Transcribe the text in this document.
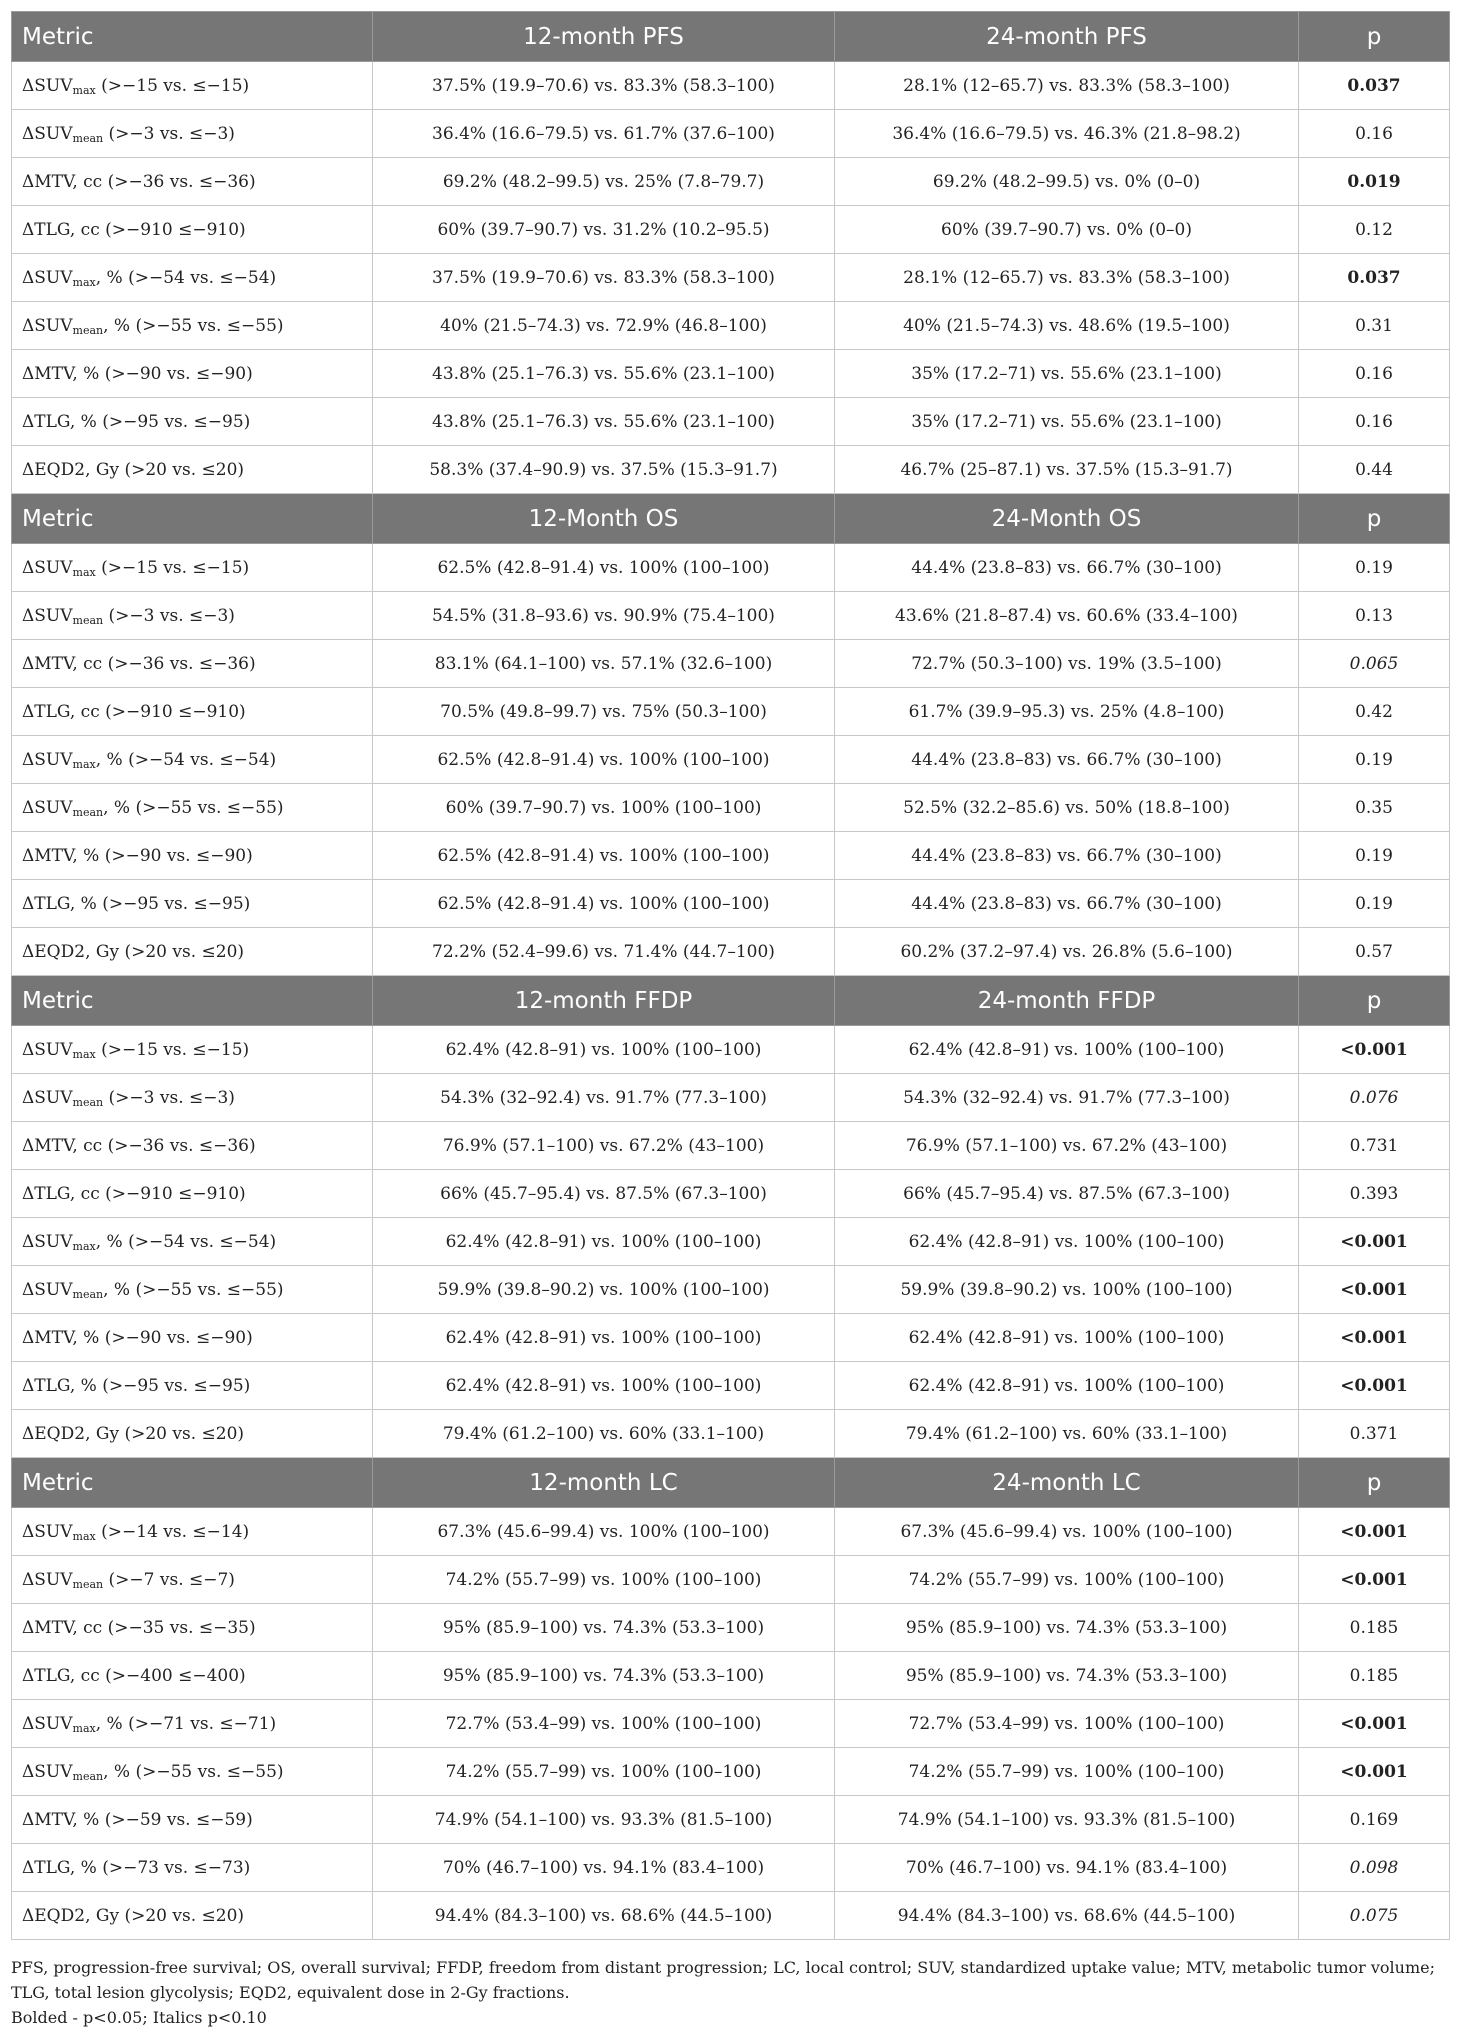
Metric	12-month PFS	24-month PFS	p
$\Delta SUV_{max}$ (>−15 vs. ≤−15)	37.5% (19.9–70.6) vs. 83.3% (58.3–100)	28.1% (12–65.7) vs. 83.3% (58.3–100)	0.037
$\Delta SUV_{mean}$ (>−3 vs. ≤−3)	36.4% (16.6–79.5) vs. 61.7% (37.6–100)	36.4% (16.6–79.5) vs. 46.3% (21.8–98.2)	0.16
ΔMTV, cc (>−36 vs. ≤−36)	69.2% (48.2–99.5) vs. 25% (7.8–79.7)	69.2% (48.2–99.5) vs. 0% (0–0)	0.019
ΔTLG, cc (>−910 ≤−910)	60% (39.7–90.7) vs. 31.2% (10.2–95.5)	60% (39.7–90.7) vs. 0% (0–0)	0.12
$\Delta SUV_{max}$, % (>−54 vs. ≤−54)	37.5% (19.9–70.6) vs. 83.3% (58.3–100)	28.1% (12–65.7) vs. 83.3% (58.3–100)	0.037
$\Delta SUV_{mean}$, % (>−55 vs. ≤−55)	40% (21.5–74.3) vs. 72.9% (46.8–100)	40% (21.5–74.3) vs. 48.6% (19.5–100)	0.31
ΔMTV, % (>−90 vs. ≤−90)	43.8% (25.1–76.3) vs. 55.6% (23.1–100)	35% (17.2–71) vs. 55.6% (23.1–100)	0.16
ΔTLG, % (>−95 vs. ≤−95)	43.8% (25.1–76.3) vs. 55.6% (23.1–100)	35% (17.2–71) vs. 55.6% (23.1–100)	0.16
ΔEQD2, Gy (>20 vs. ≤20)	58.3% (37.4–90.9) vs. 37.5% (15.3–91.7)	46.7% (25–87.1) vs. 37.5% (15.3–91.7)	0.44
Metric	12-Month OS	24-Month OS	p
$\Delta SUV_{max}$ (>−15 vs. ≤−15)	62.5% (42.8–91.4) vs. 100% (100–100)	44.4% (23.8–83) vs. 66.7% (30–100)	0.19
$\Delta SUV_{mean}$ (>−3 vs. ≤−3)	54.5% (31.8–93.6) vs. 90.9% (75.4–100)	43.6% (21.8–87.4) vs. 60.6% (33.4–100)	0.13
ΔMTV, cc (>−36 vs. ≤−36)	83.1% (64.1–100) vs. 57.1% (32.6–100)	72.7% (50.3–100) vs. 19% (3.5–100)	0.065
ΔTLG, cc (>−910 ≤−910)	70.5% (49.8–99.7) vs. 75% (50.3–100)	61.7% (39.9–95.3) vs. 25% (4.8–100)	0.42
$\Delta SUV_{max}$, % (>−54 vs. ≤−54)	62.5% (42.8–91.4) vs. 100% (100–100)	44.4% (23.8–83) vs. 66.7% (30–100)	0.19
$\Delta SUV_{mean}$, % (>−55 vs. ≤−55)	60% (39.7–90.7) vs. 100% (100–100)	52.5% (32.2–85.6) vs. 50% (18.8–100)	0.35
ΔMTV, % (>−90 vs. ≤−90)	62.5% (42.8–91.4) vs. 100% (100–100)	44.4% (23.8–83) vs. 66.7% (30–100)	0.19
ΔTLG, % (>−95 vs. ≤−95)	62.5% (42.8–91.4) vs. 100% (100–100)	44.4% (23.8–83) vs. 66.7% (30–100)	0.19
ΔEQD2, Gy (>20 vs. ≤20)	72.2% (52.4–99.6) vs. 71.4% (44.7–100)	60.2% (37.2–97.4) vs. 26.8% (5.6–100)	0.57
Metric	12-month FFDP	24-month FFDP	p
$\Delta SUV_{max}$ (>−15 vs. ≤−15)	62.4% (42.8–91) vs. 100% (100–100)	62.4% (42.8–91) vs. 100% (100–100)	<0.001
$\Delta SUV_{mean}$ (>−3 vs. ≤−3)	54.3% (32–92.4) vs. 91.7% (77.3–100)	54.3% (32–92.4) vs. 91.7% (77.3–100)	0.076
ΔMTV, cc (>−36 vs. ≤−36)	76.9% (57.1–100) vs. 67.2% (43–100)	76.9% (57.1–100) vs. 67.2% (43–100)	0.731
ΔTLG, cc (>−910 ≤−910)	66% (45.7–95.4) vs. 87.5% (67.3–100)	66% (45.7–95.4) vs. 87.5% (67.3–100)	0.393
$\Delta SUV_{max}$, % (>−54 vs. ≤−54)	62.4% (42.8–91) vs. 100% (100–100)	62.4% (42.8–91) vs. 100% (100–100)	<0.001
$\Delta SUV_{mean}$, % (>−55 vs. ≤−55)	59.9% (39.8–90.2) vs. 100% (100–100)	59.9% (39.8–90.2) vs. 100% (100–100)	<0.001
ΔMTV, % (>−90 vs. ≤−90)	62.4% (42.8–91) vs. 100% (100–100)	62.4% (42.8–91) vs. 100% (100–100)	<0.001
ΔTLG, % (>−95 vs. ≤−95)	62.4% (42.8–91) vs. 100% (100–100)	62.4% (42.8–91) vs. 100% (100–100)	<0.001
ΔEQD2, Gy (>20 vs. ≤20)	79.4% (61.2–100) vs. 60% (33.1–100)	79.4% (61.2–100) vs. 60% (33.1–100)	0.371
Metric	12-month LC	24-month LC	p
$\Delta SUV_{max}$ (>−14 vs. ≤−14)	67.3% (45.6–99.4) vs. 100% (100–100)	67.3% (45.6–99.4) vs. 100% (100–100)	<0.001
$\Delta SUV_{mean}$ (>−7 vs. ≤−7)	74.2% (55.7–99) vs. 100% (100–100)	74.2% (55.7–99) vs. 100% (100–100)	<0.001
ΔMTV, cc (>−35 vs. ≤−35)	95% (85.9–100) vs. 74.3% (53.3–100)	95% (85.9–100) vs. 74.3% (53.3–100)	0.185
ΔTLG, cc (>−400 ≤−400)	95% (85.9–100) vs. 74.3% (53.3–100)	95% (85.9–100) vs. 74.3% (53.3–100)	0.185
$\Delta SUV_{max}$, % (>−71 vs. ≤−71)	72.7% (53.4–99) vs. 100% (100–100)	72.7% (53.4–99) vs. 100% (100–100)	<0.001
$\Delta SUV_{mean}$, % (>−55 vs. ≤−55)	74.2% (55.7–99) vs. 100% (100–100)	74.2% (55.7–99) vs. 100% (100–100)	<0.001
ΔMTV, % (>−59 vs. ≤−59)	74.9% (54.1–100) vs. 93.3% (81.5–100)	74.9% (54.1–100) vs. 93.3% (81.5–100)	0.169
ΔTLG, % (>−73 vs. ≤−73)	70% (46.7–100) vs. 94.1% (83.4–100)	70% (46.7–100) vs. 94.1% (83.4–100)	0.098
ΔEQD2, Gy (>20 vs. ≤20)	94.4% (84.3–100) vs. 68.6% (44.5–100)	94.4% (84.3–100) vs. 68.6% (44.5–100)	0.075

PFS, progression-free survival; OS, overall survival; FFDP, freedom from distant progression; LC, local control; SUV, standardized uptake value; MTV, metabolic tumor volume; TLG, total lesion glycolysis; EQD2, equivalent dose in 2-Gy fractions.

Bolded - p<0.05; Italics p<0.10
